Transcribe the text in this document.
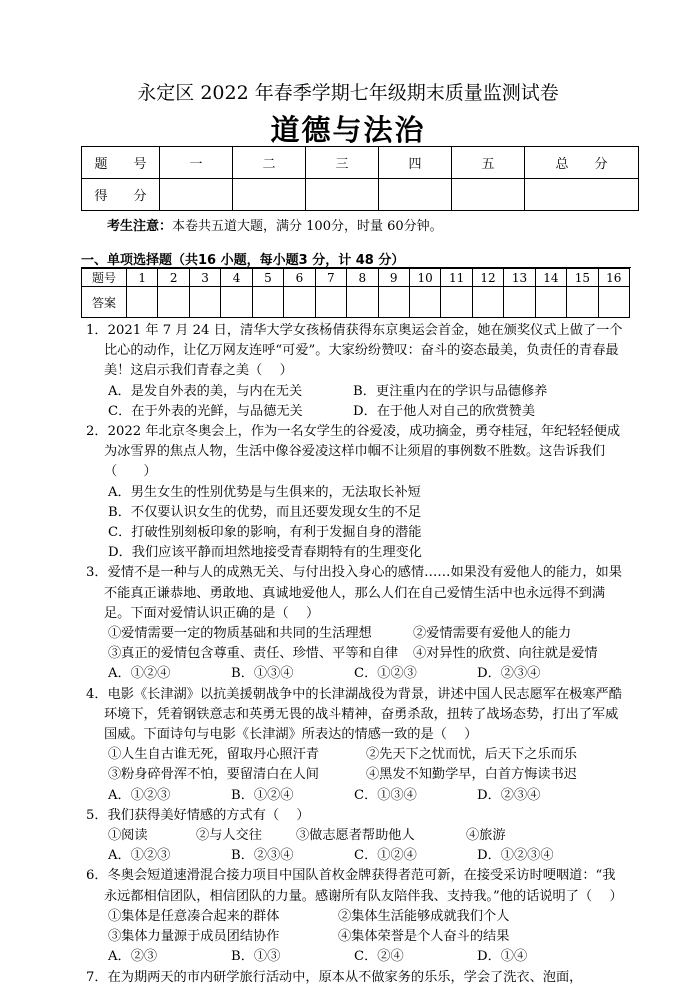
永定区 2022 年春季学期七年级期末质量监测试卷
道德与法治
题　　号	一	二	三	四	五	总　　分
得　　分						
考生注意：本卷共五道大题，满分 100分，时量 60分钟。
一、单项选择题（共16 小题，每小题3 分，计 48 分）
题号	1	2	3	4	5	6	7	8	9	10	11	12	13	14	15	16
答案																

1．2021 年 7 月 24 日，清华大学女孩杨倩获得东京奥运会首金，她在颁奖仪式上做了一个比心的动作，让亿万网友连呼“可爱”。大家纷纷赞叹：奋斗的姿态最美，负责任的青春最美！这启示我们青春之美（　 ）

A．是发自外表的美，与内在无关	B．更注重内在的学识与品德修养
C．在于外表的光鲜，与品德无关	D．在于他人对自己的欣赏赞美

2．2022 年北京冬奥会上，作为一名女学生的谷爱凌，成功摘金，勇夺桂冠，年纪轻轻便成为冰雪界的焦点人物，生活中像谷爱凌这样巾帼不让须眉的事例数不胜数。这告诉我们（　　）

A．男生女生的性别优势是与生俱来的，无法取长补短

B．不仅要认识女生的优势，而且还要发现女生的不足

C．打破性别刻板印象的影响，有利于发掘自身的潜能

D．我们应该平静而坦然地接受青春期特有的生理变化

3．爱情不是一种与人的成熟无关、与付出投入身心的感情……如果没有爱他人的能力，如果不能真正谦恭地、勇敢地、真诚地爱他人，那么人们在自己爱情生活中也永远得不到满足。下面对爱情认识正确的是（　 ）

①爱情需要一定的物质基础和共同的生活理想	②爱情需要有爱他人的能力
③真正的爱情包含尊重、责任、珍惜、平等和自律	④对异性的欣赏、向往就是爱情
A．①②④	B．①③④	C．①②③	D．②③④

4．电影《长津湖》以抗美援朝战争中的长津湖战役为背景，讲述中国人民志愿军在极寒严酷环境下，凭着钢铁意志和英勇无畏的战斗精神，奋勇杀敌，扭转了战场态势，打出了军威国威。下面诗句与电影《长津湖》所表达的情感一致的是（　 ）

①人生自古谁无死，留取丹心照汗青	②先天下之忧而忧，后天下之乐而乐
③粉身碎骨浑不怕，要留清白在人间	④黑发不知勤学早，白首方悔读书迟
A．①②③	B．①②④	C．①③④	D．②③④

5．我们获得美好情感的方式有（　 ）

①阅读	②与人交往	③做志愿者帮助他人	④旅游
A．①②③	B．②③④	C．①②④	D．①②③④

6．冬奥会短道速滑混合接力项目中国队首枚金牌获得者范可新，在接受采访时哽咽道：“我永远都相信团队，相信团队的力量。感谢所有队友陪伴我、支持我。”他的话说明了（　 ）

①集体是任意凑合起来的群体	②集体生活能够成就我们个人
③集体力量源于成员团结协作	④集体荣誉是个人奋斗的结果
A．②③	B．①③	C．②④	D．①④

7．在为期两天的市内研学旅行活动中，原本从不做家务的乐乐，学会了洗衣、泡面，
